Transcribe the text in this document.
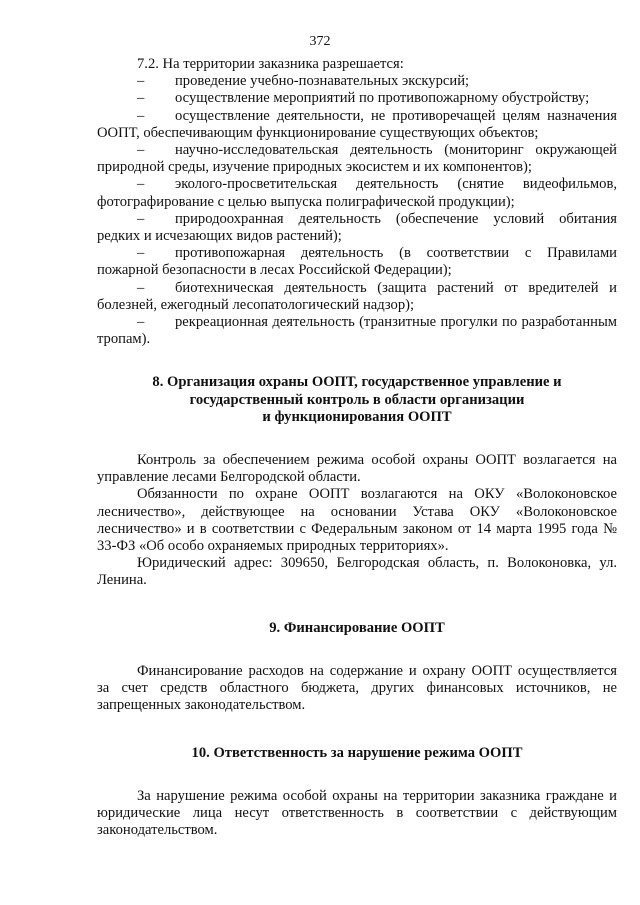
372

7.2. На территории заказника разрешается:

– проведение учебно-познавательных экскурсий;

– осуществление мероприятий по противопожарному обустройству;

– осуществление деятельности, не противоречащей целям назначения ООПТ, обеспечивающим функционирование существующих объектов;

– научно-исследовательская деятельность (мониторинг окружающей природной среды, изучение природных экосистем и их компонентов);

– эколого-просветительская деятельность (снятие видеофильмов, фотографирование с целью выпуска полиграфической продукции);

– природоохранная деятельность (обеспечение условий обитания редких и исчезающих видов растений);

– противопожарная деятельность (в соответствии с Правилами пожарной безопасности в лесах Российской Федерации);

– биотехническая деятельность (защита растений от вредителей и болезней, ежегодный лесопатологический надзор);

– рекреационная деятельность (транзитные прогулки по разработанным тропам).

8. Организация охраны ООПТ, государственное управление и

государственный контроль в области организации

и функционирования ООПТ

Контроль за обеспечением режима особой охраны ООПТ возлагается на управление лесами Белгородской области.

Обязанности по охране ООПТ возлагаются на ОКУ «Волоконовское лесничество», действующее на основании Устава ОКУ «Волоконовское лесничество» и в соответствии с Федеральным законом от 14 марта 1995 года № 33-ФЗ «Об особо охраняемых природных территориях».

Юридический адрес: 309650, Белгородская область, п. Волоконовка, ул. Ленина.

9. Финансирование ООПТ

Финансирование расходов на содержание и охрану ООПТ осуществляется за счет средств областного бюджета, других финансовых источников, не запрещенных законодательством.

10. Ответственность за нарушение режима ООПТ

За нарушение режима особой охраны на территории заказника граждане и юридические лица несут ответственность в соответствии с действующим законодательством.
